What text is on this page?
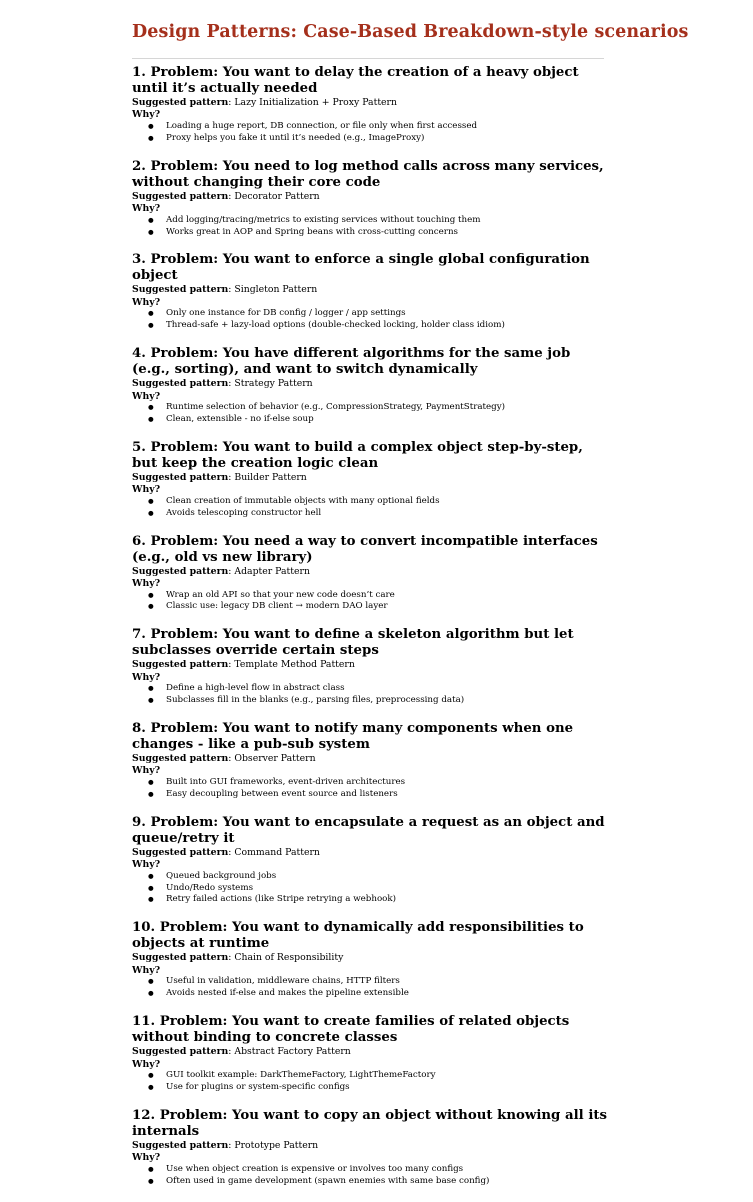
Design Patterns: Case-Based Breakdown-style scenarios
1. Problem: You want to delay the creation of a heavy object until it’s actually needed
Suggested pattern: Lazy Initialization + Proxy Pattern
Why?
● Loading a huge report, DB connection, or file only when first accessed
● Proxy helps you fake it until it’s needed (e.g., ImageProxy)
2. Problem: You need to log method calls across many services, without changing their core code
Suggested pattern: Decorator Pattern
Why?
● Add logging/tracing/metrics to existing services without touching them
● Works great in AOP and Spring beans with cross-cutting concerns
3. Problem: You want to enforce a single global configuration object
Suggested pattern: Singleton Pattern
Why?
● Only one instance for DB config / logger / app settings
● Thread-safe + lazy-load options (double-checked locking, holder class idiom)
4. Problem: You have different algorithms for the same job (e.g., sorting), and want to switch dynamically
Suggested pattern: Strategy Pattern
Why?
● Runtime selection of behavior (e.g., CompressionStrategy, PaymentStrategy)
● Clean, extensible - no if-else soup
5. Problem: You want to build a complex object step-by-step, but keep the creation logic clean
Suggested pattern: Builder Pattern
Why?
● Clean creation of immutable objects with many optional fields
● Avoids telescoping constructor hell
6. Problem: You need a way to convert incompatible interfaces (e.g., old vs new library)
Suggested pattern: Adapter Pattern
Why?
● Wrap an old API so that your new code doesn’t care
● Classic use: legacy DB client → modern DAO layer
7. Problem: You want to define a skeleton algorithm but let subclasses override certain steps
Suggested pattern: Template Method Pattern
Why?
● Define a high-level flow in abstract class
● Subclasses fill in the blanks (e.g., parsing files, preprocessing data)
8. Problem: You want to notify many components when one changes - like a pub-sub system
Suggested pattern: Observer Pattern
Why?
● Built into GUI frameworks, event-driven architectures
● Easy decoupling between event source and listeners
9. Problem: You want to encapsulate a request as an object and queue/retry it
Suggested pattern: Command Pattern
Why?
● Queued background jobs
● Undo/Redo systems
● Retry failed actions (like Stripe retrying a webhook)
10. Problem: You want to dynamically add responsibilities to objects at runtime
Suggested pattern: Chain of Responsibility
Why?
● Useful in validation, middleware chains, HTTP filters
● Avoids nested if-else and makes the pipeline extensible
11. Problem: You want to create families of related objects without binding to concrete classes
Suggested pattern: Abstract Factory Pattern
Why?
● GUI toolkit example: DarkThemeFactory, LightThemeFactory
● Use for plugins or system-specific configs
12. Problem: You want to copy an object without knowing all its internals
Suggested pattern: Prototype Pattern
Why?
● Use when object creation is expensive or involves too many configs
● Often used in game development (spawn enemies with same base config)
